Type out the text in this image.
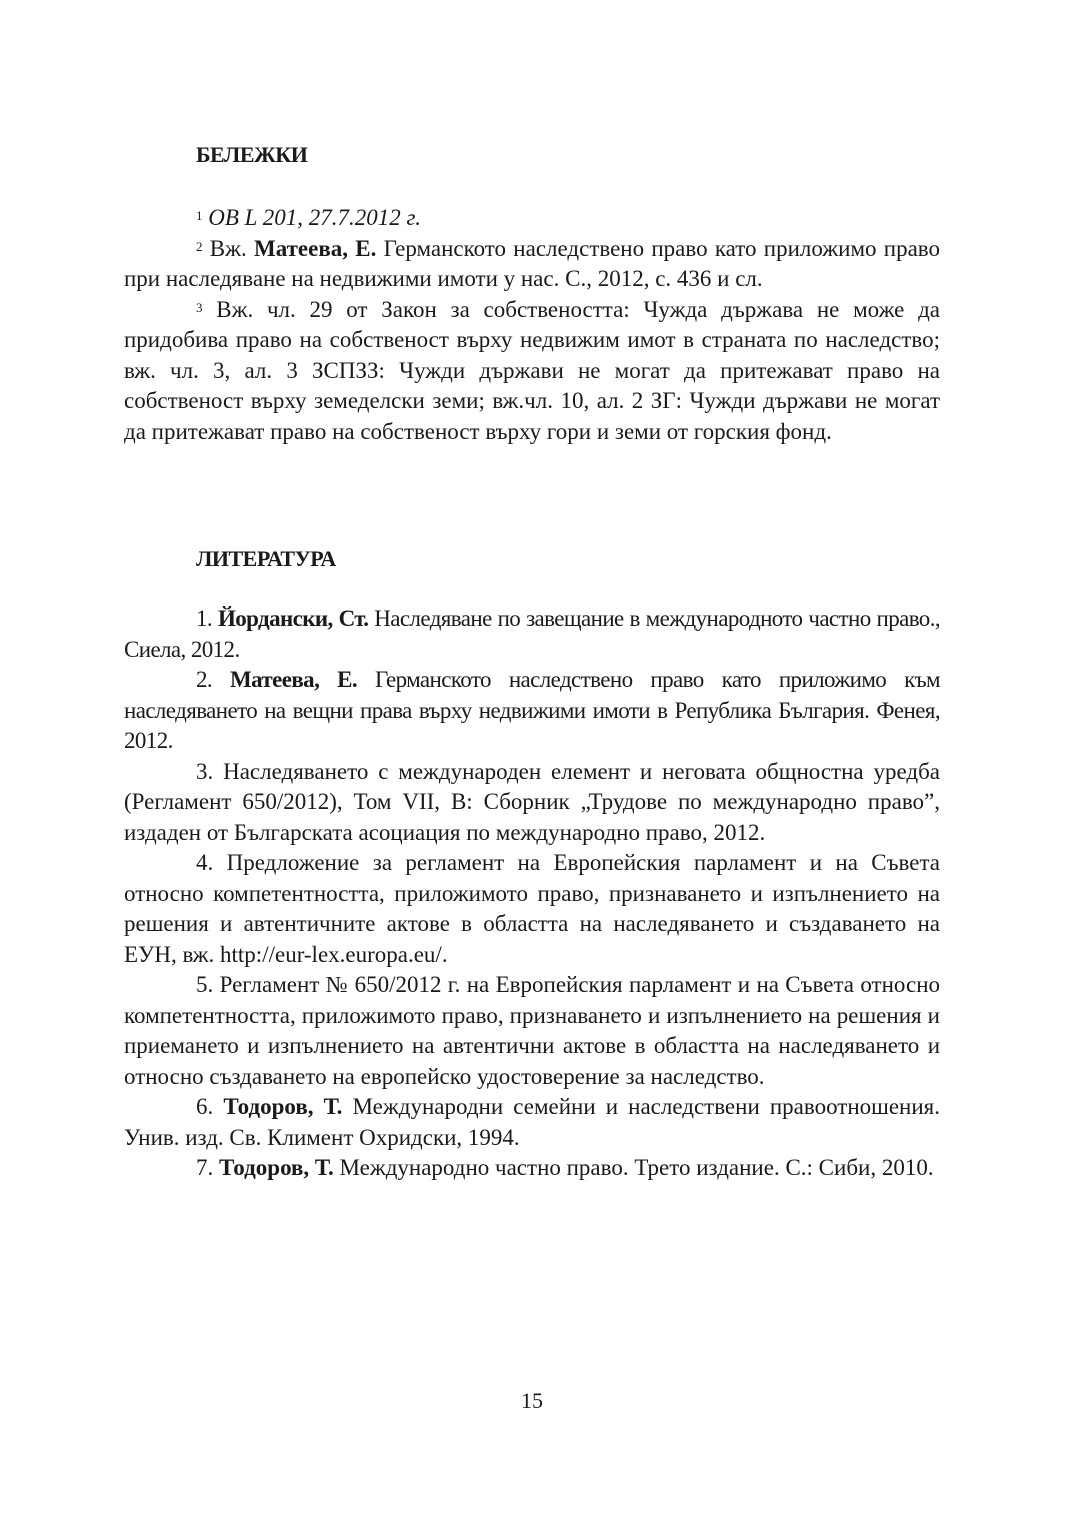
БЕЛЕЖКИ

$^1$ ОВ L 201, 27.7.2012 г.

$^2$ Вж. Матеева, Е. Германското наследствено право като приложимо право при наследяване на недвижими имоти у нас. С., 2012, с. 436 и сл.

$^3$ Вж. чл. 29 от Закон за собствеността: Чужда държава не може да придобива право на собственост върху недвижим имот в страната по наследство; вж. чл. 3, ал. 3 ЗСПЗЗ: Чужди държави не могат да притежават право на собственост върху земеделски земи; вж.чл. 10, ал. 2 ЗГ: Чужди държави не могат да притежават право на собственост върху гори и земи от горския фонд.

ЛИТЕРАТУРА

1. Йордански, Ст. Наследяване по завещание в международното частно право., Сиела, 2012.

2. Матеева, Е. Германското наследствено право като приложимо към наследяването на вещни права върху недвижими имоти в Република България. Фенея, 2012.

3. Наследяването с международен елемент и неговата общностна уредба (Регламент 650/2012), Том VII, В: Сборник „Трудове по международно право”, издаден от Българската асоциация по международно право, 2012.

4. Предложение за регламент на Европейския парламент и на Съвета относно компетентността, приложимото право, признаването и изпълнението на решения и автентичните актове в областта на наследяването и създаването на ЕУН, вж. http://eur-lex.europa.eu/.

5. Регламент № 650/2012 г. на Европейския парламент и на Съвета относно компетентността, приложимото право, признаването и изпълнението на решения и приемането и изпълнението на автентични актове в областта на наследяването и относно създаването на европейско удостоверение за наследство.

6. Тодоров, Т. Международни семейни и наследствени правоотношения. Унив. изд. Св. Климент Охридски, 1994.

7. Тодоров, Т. Международно частно право. Трето издание. С.: Сиби, 2010.

15
